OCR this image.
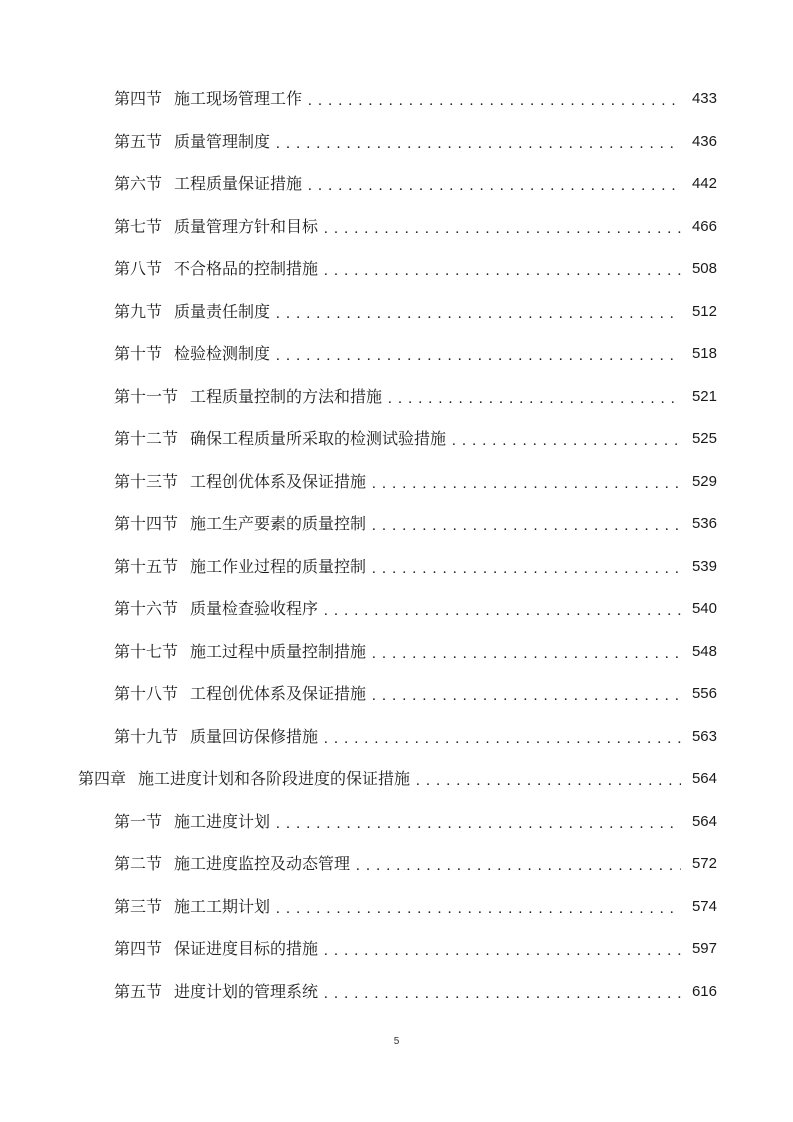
第四节 施工现场管理工作 . . .	433
第五节 质量管理制度 . . .	436
第六节 工程质量保证措施 . . .	442
第七节 质量管理方针和目标 . . .	466
第八节 不合格品的控制措施 . . .	508
第九节 质量责任制度 . . .	512
第十节 检验检测制度 . . .	518
第十一节 工程质量控制的方法和措施 . . .	521
第十二节 确保工程质量所采取的检测试验措施 . . .	525
第十三节 工程创优体系及保证措施 . . .	529
第十四节 施工生产要素的质量控制 . . .	536
第十五节 施工作业过程的质量控制 . . .	539
第十六节 质量检查验收程序 . . .	540
第十七节 施工过程中质量控制措施 . . .	548
第十八节 工程创优体系及保证措施 . . .	556
第十九节 质量回访保修措施 . . .	563
第四章 施工进度计划和各阶段进度的保证措施 . . .	564
第一节 施工进度计划 . . .	564
第二节 施工进度监控及动态管理 . . .	572
第三节 施工工期计划 . . .	574
第四节 保证进度目标的措施 . . .	597
第五节 进度计划的管理系统 . . .	616
5
